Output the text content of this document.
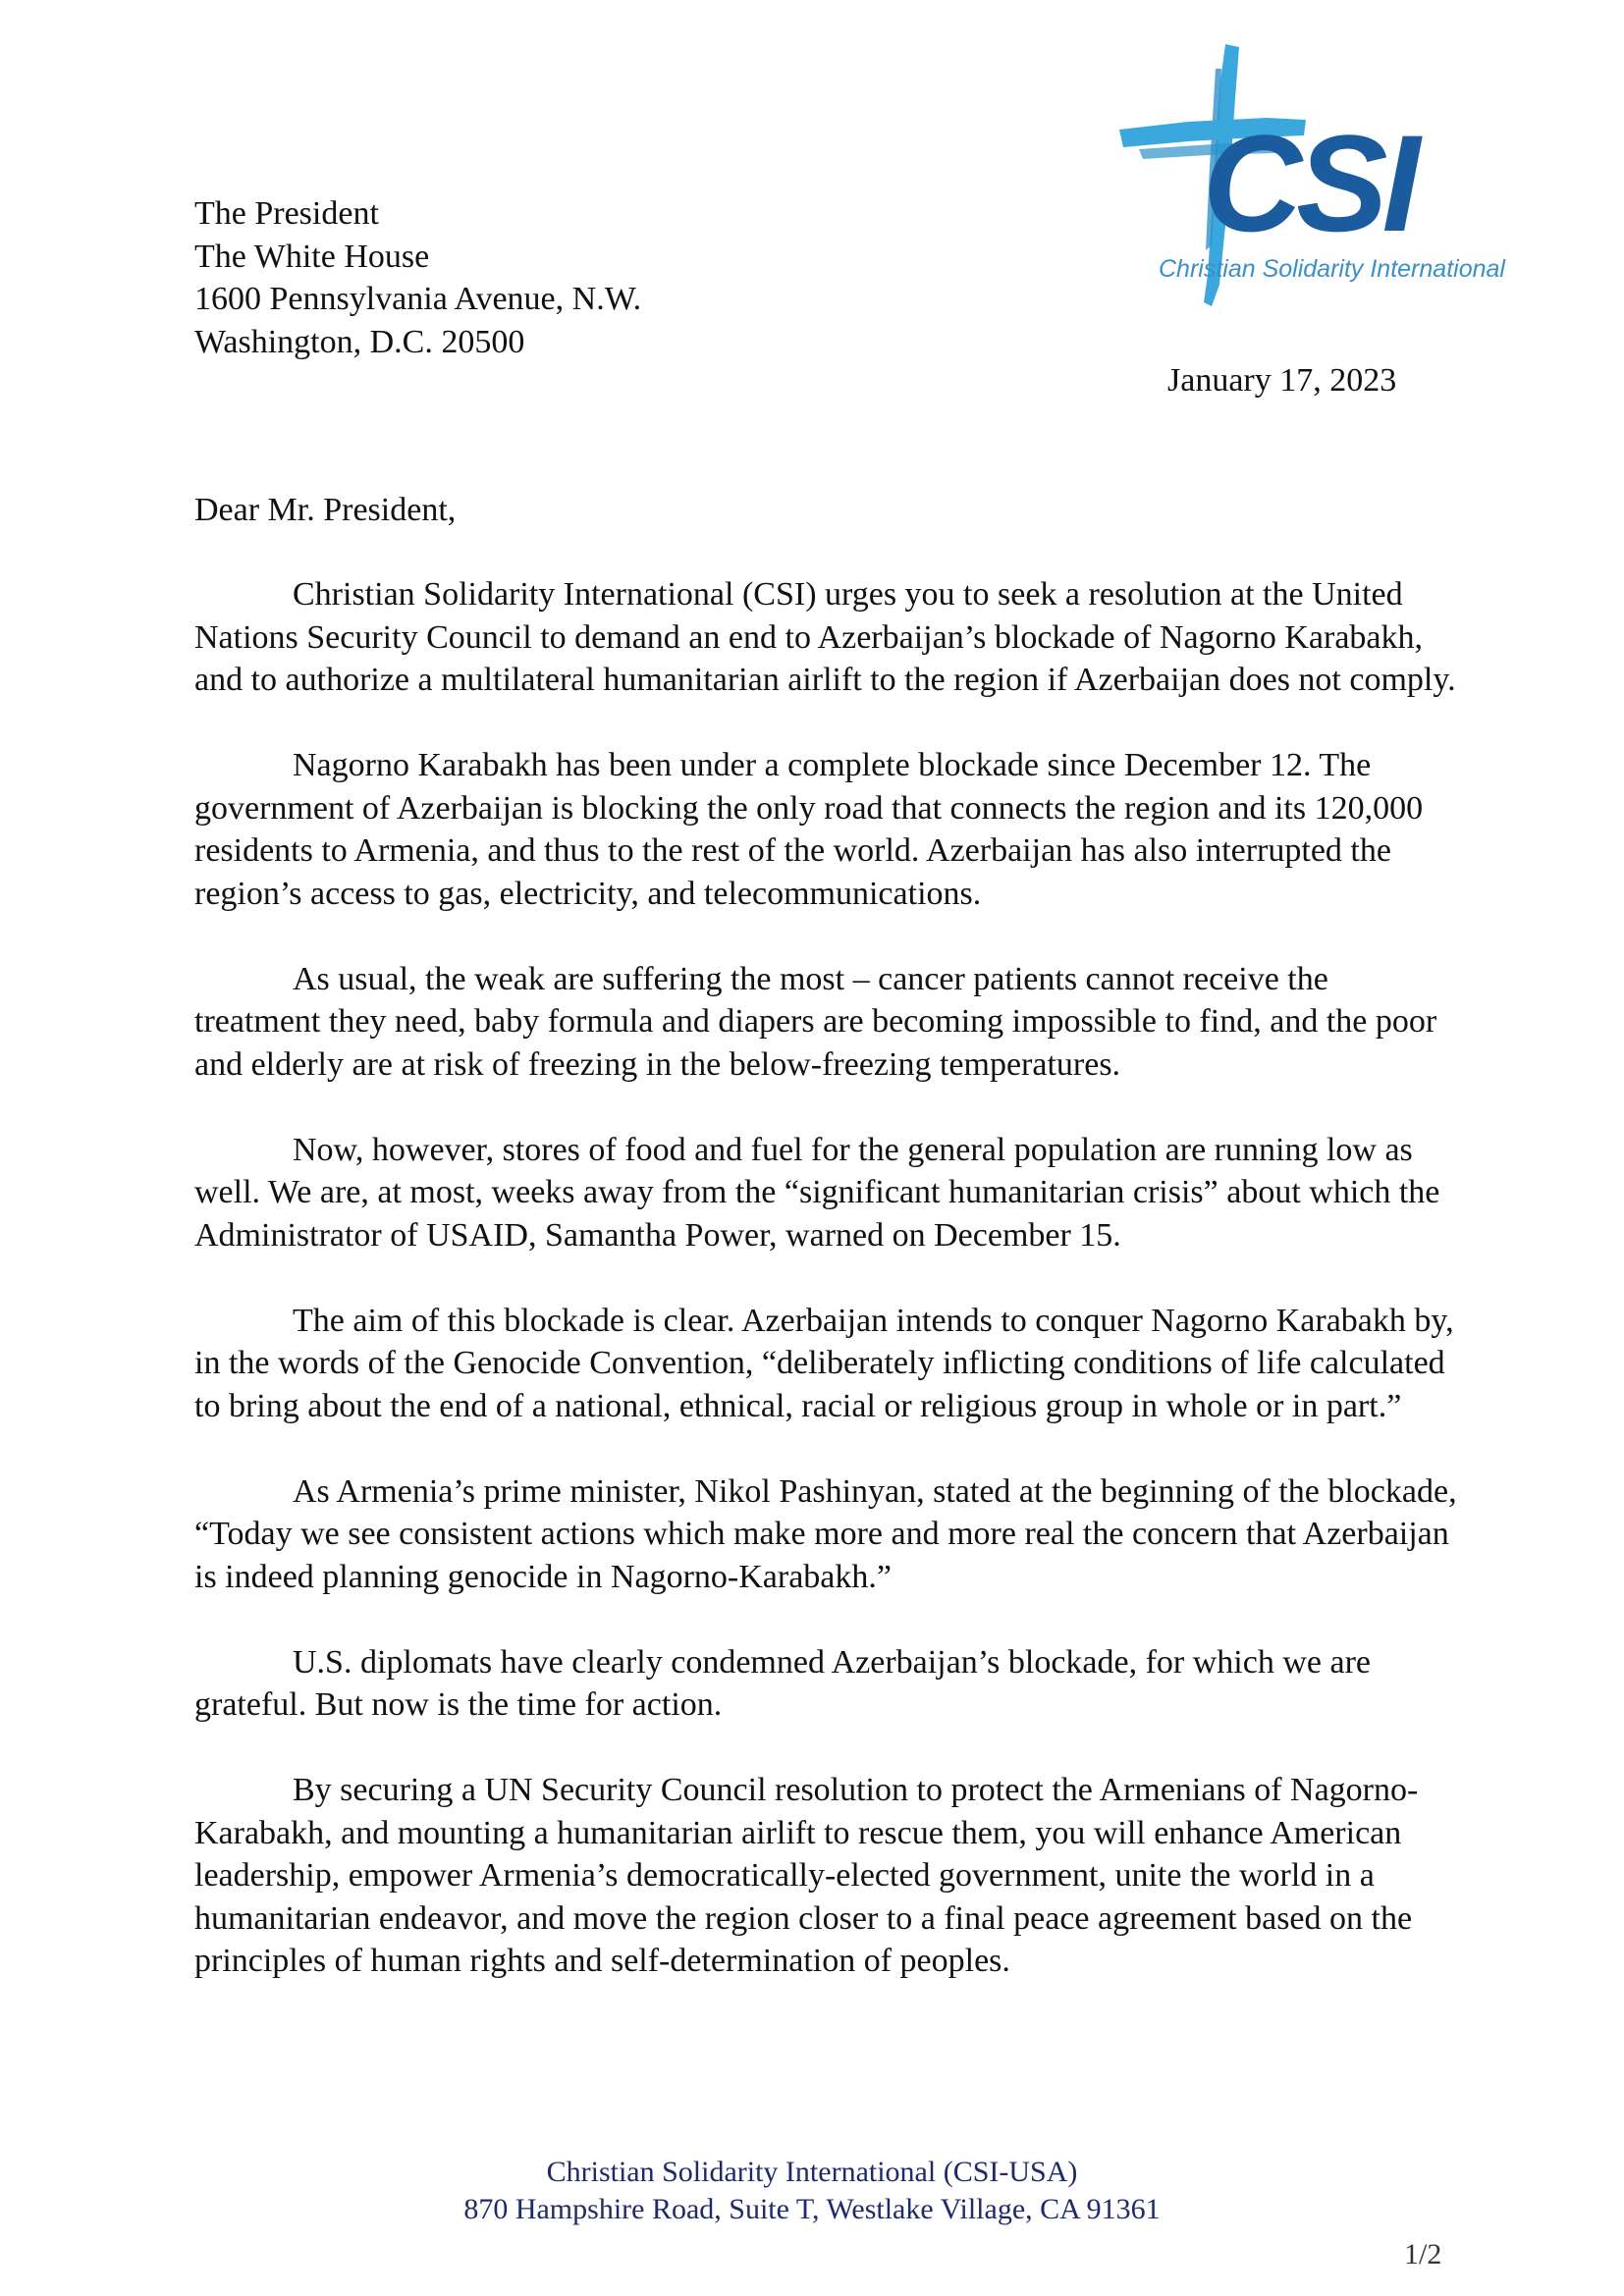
The President
The White House
1600 Pennsylvania Avenue, N.W.
Washington, D.C. 20500
CSI
Christian Solidarity International
January 17, 2023
Dear Mr. President,

Christian Solidarity International (CSI) urges you to seek a resolution at the United Nations Security Council to demand an end to Azerbaijan’s blockade of Nagorno Karabakh, and to authorize a multilateral humanitarian airlift to the region if Azerbaijan does not comply.

Nagorno Karabakh has been under a complete blockade since December 12. The government of Azerbaijan is blocking the only road that connects the region and its 120,000 residents to Armenia, and thus to the rest of the world. Azerbaijan has also interrupted the region’s access to gas, electricity, and telecommunications.

As usual, the weak are suffering the most – cancer patients cannot receive the treatment they need, baby formula and diapers are becoming impossible to find, and the poor and elderly are at risk of freezing in the below-freezing temperatures.

Now, however, stores of food and fuel for the general population are running low as well. We are, at most, weeks away from the “significant humanitarian crisis” about which the Administrator of USAID, Samantha Power, warned on December 15.

The aim of this blockade is clear. Azerbaijan intends to conquer Nagorno Karabakh by, in the words of the Genocide Convention, “deliberately inflicting conditions of life calculated to bring about the end of a national, ethnical, racial or religious group in whole or in part.”

As Armenia’s prime minister, Nikol Pashinyan, stated at the beginning of the blockade, “Today we see consistent actions which make more and more real the concern that Azerbaijan is indeed planning genocide in Nagorno-Karabakh.”

U.S. diplomats have clearly condemned Azerbaijan’s blockade, for which we are grateful. But now is the time for action.

By securing a UN Security Council resolution to protect the Armenians of Nagorno-Karabakh, and mounting a humanitarian airlift to rescue them, you will enhance American leadership, empower Armenia’s democratically-elected government, unite the world in a humanitarian endeavor, and move the region closer to a final peace agreement based on the principles of human rights and self-determination of peoples.

Christian Solidarity International (CSI-USA)
870 Hampshire Road, Suite T, Westlake Village, CA 91361
1/2
